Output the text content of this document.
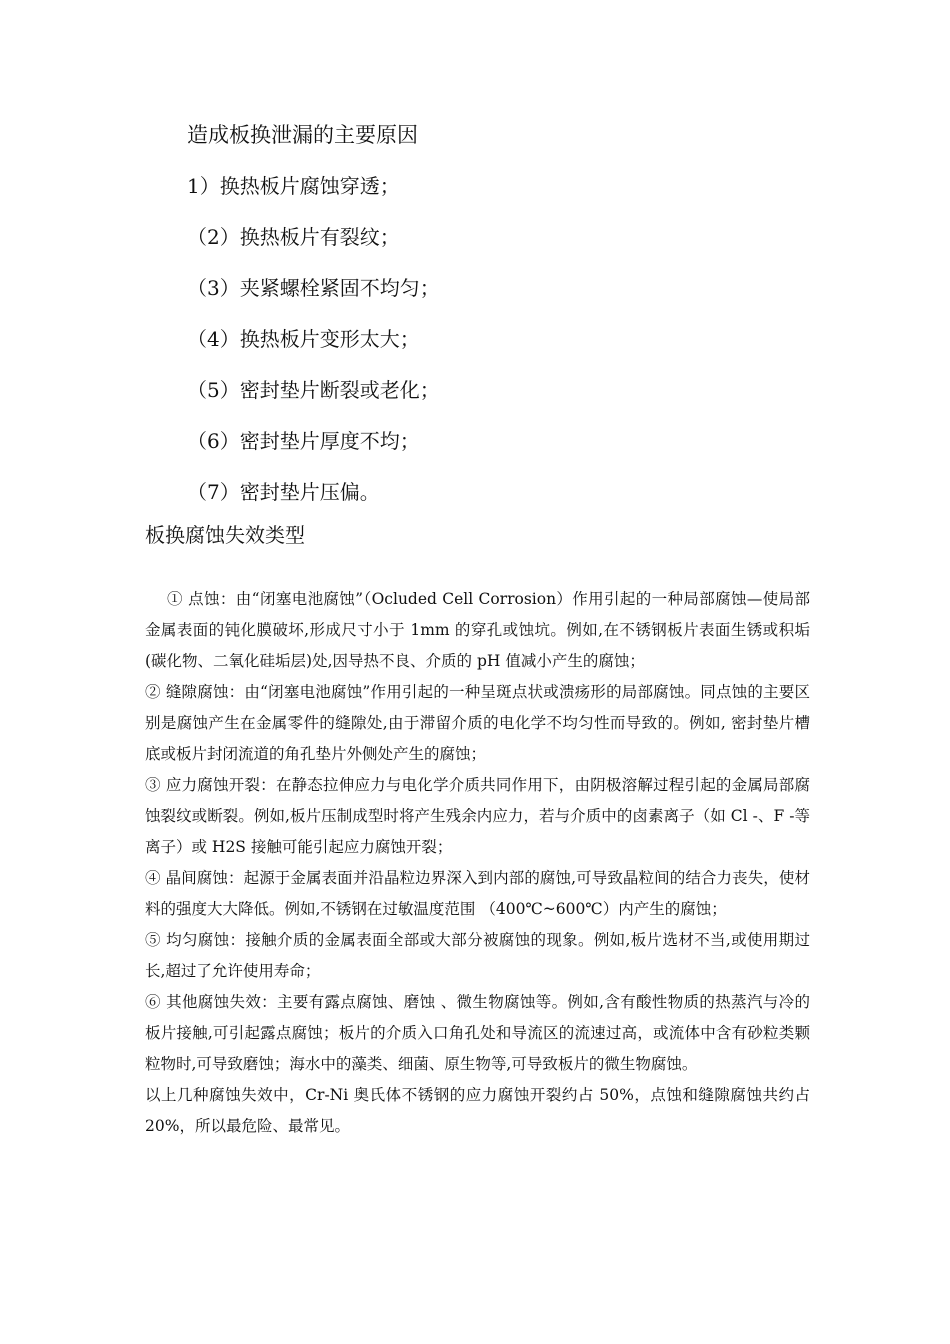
造成板换泄漏的主要原因
1）换热板片腐蚀穿透；
（2）换热板片有裂纹；
（3）夹紧螺栓紧固不均匀；
（4）换热板片变形太大；
（5）密封垫片断裂或老化；
（6）密封垫片厚度不均；
（7）密封垫片压偏。
板换腐蚀失效类型

① 点蚀：由“闭塞电池腐蚀”（Ocluded Cell Corrosion）作用引起的一种局部腐蚀—使局部金属表面的钝化膜破坏,形成尺寸小于 1mm 的穿孔或蚀坑。例如,在不锈钢板片表面生锈或积垢(碳化物、二氧化硅垢层)处,因导热不良、介质的 pH 值减小产生的腐蚀；

② 缝隙腐蚀：由“闭塞电池腐蚀”作用引起的一种呈斑点状或溃疡形的局部腐蚀。同点蚀的主要区别是腐蚀产生在金属零件的缝隙处,由于滞留介质的电化学不均匀性而导致的。例如, 密封垫片槽底或板片封闭流道的角孔垫片外侧处产生的腐蚀；

③ 应力腐蚀开裂：在静态拉伸应力与电化学介质共同作用下，由阴极溶解过程引起的金属局部腐蚀裂纹或断裂。例如,板片压制成型时将产生残余内应力，若与介质中的卤素离子（如 Cl -、F -等离子）或 H2S 接触可能引起应力腐蚀开裂；

④ 晶间腐蚀：起源于金属表面并沿晶粒边界深入到内部的腐蚀,可导致晶粒间的结合力丧失，使材料的强度大大降低。例如,不锈钢在过敏温度范围 （400℃~600℃）内产生的腐蚀；

⑤ 均匀腐蚀：接触介质的金属表面全部或大部分被腐蚀的现象。例如,板片选材不当,或使用期过长,超过了允许使用寿命；

⑥ 其他腐蚀失效：主要有露点腐蚀、磨蚀 、微生物腐蚀等。例如,含有酸性物质的热蒸汽与冷的板片接触,可引起露点腐蚀；板片的介质入口角孔处和导流区的流速过高，或流体中含有砂粒类颗粒物时,可导致磨蚀；海水中的藻类、细菌、原生物等,可导致板片的微生物腐蚀。

以上几种腐蚀失效中，Cr-Ni 奥氏体不锈钢的应力腐蚀开裂约占 50%，点蚀和缝隙腐蚀共约占 20%，所以最危险、最常见。
